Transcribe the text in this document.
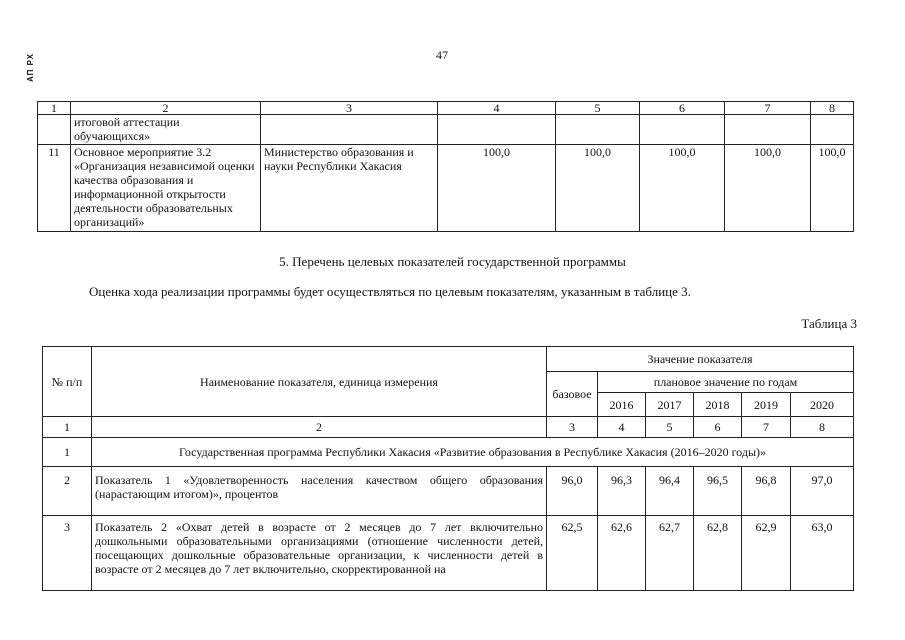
АП РХ	47
1	2	3	4	5	6	7	8
	итоговой аттестации обучающихся»						
11	Основное мероприятие 3.2 «Организация независимой оценки качества образования и информационной открытости деятельности образовательных организаций»	Министерство образования и науки Республики Хакасия	100,0	100,0	100,0	100,0	100,0
5. Перечень целевых показателей государственной программы
Оценка хода реализации программы будет осуществляться по целевым показателям, указанным в таблице 3.
Таблица 3
№ п/п	Наименование показателя, единица измерения	Значение показателя					
		базовое	плановое значение по годам				
			2016	2017	2018	2019	2020
1	2	3	4	5	6	7	8
1	Государственная программа Республики Хакасия «Развитие образования в Республике Хакасия (2016–2020 годы)»						
2	Показатель 1 «Удовлетворенность населения качеством общего образования (нарастающим итогом)», процентов	96,0	96,3	96,4	96,5	96,8	97,0
3	Показатель 2 «Охват детей в возрасте от 2 месяцев до 7 лет включительно дошкольными образовательными организациями (отношение численности детей, посещающих дошкольные образовательные организации, к численности детей в возрасте от 2 месяцев до 7 лет включительно, скорректированной на	62,5	62,6	62,7	62,8	62,9	63,0
